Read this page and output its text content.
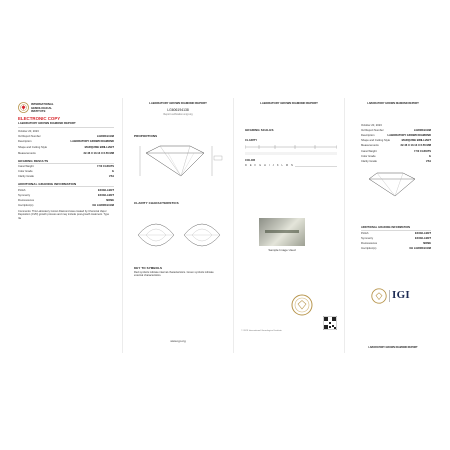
INTERNATIONAL
GEMOLOGICAL
INSTITUTE
ELECTRONIC COPY
LABORATORY GROWN DIAMOND REPORT
October 20, 2023
IGI Report Number	LG606194138
Description	LABORATORY GROWN DIAMOND
Shape and Cutting Style	MARQUISE BRILLIANT
Measurements	22.46 X 10.13 X 6.56 MM
GRADING RESULTS
Carat Weight	7.50 CARATS
Color Grade	G
Clarity Grade	VS1
ADDITIONAL GRADING INFORMATION
Polish	EXCELLENT
Symmetry	EXCELLENT
Fluorescence	NONE
Inscription(s)	IGI LG606194138
Comments: This Laboratory Grown Diamond was created by Chemical Vapor Deposition (CVD) growth process and may include post-growth treatment. Type IIa
LABORATORY GROWN DIAMOND REPORT
LG606194138
Report verification at igi.org
PROPORTIONS
CLARITY CHARACTERISTICS
KEY TO SYMBOLS
Red symbols indicate internal characteristics. Green symbols indicate external characteristics.
www.igi.org
LABORATORY GROWN DIAMOND REPORT
GRADING SCALES
CLARITY
COLOR
D E F G H I J K L M N
Sample Image Used
© 2023 International Gemological Institute
LABORATORY GROWN DIAMOND REPORT
October 20, 2023
IGI Report Number	LG606194138
Description	LABORATORY GROWN DIAMOND
Shape and Cutting Style	MARQUISE BRILLIANT
Measurements	22.46 X 10.13 X 6.56 MM
Carat Weight	7.50 CARATS
Color Grade	G
Clarity Grade	VS1
ADDITIONAL GRADING INFORMATION
Polish	EXCELLENT
Symmetry	EXCELLENT
Fluorescence	NONE
Inscription(s)	IGI LG606194138
IGI
LABORATORY GROWN DIAMOND REPORT
